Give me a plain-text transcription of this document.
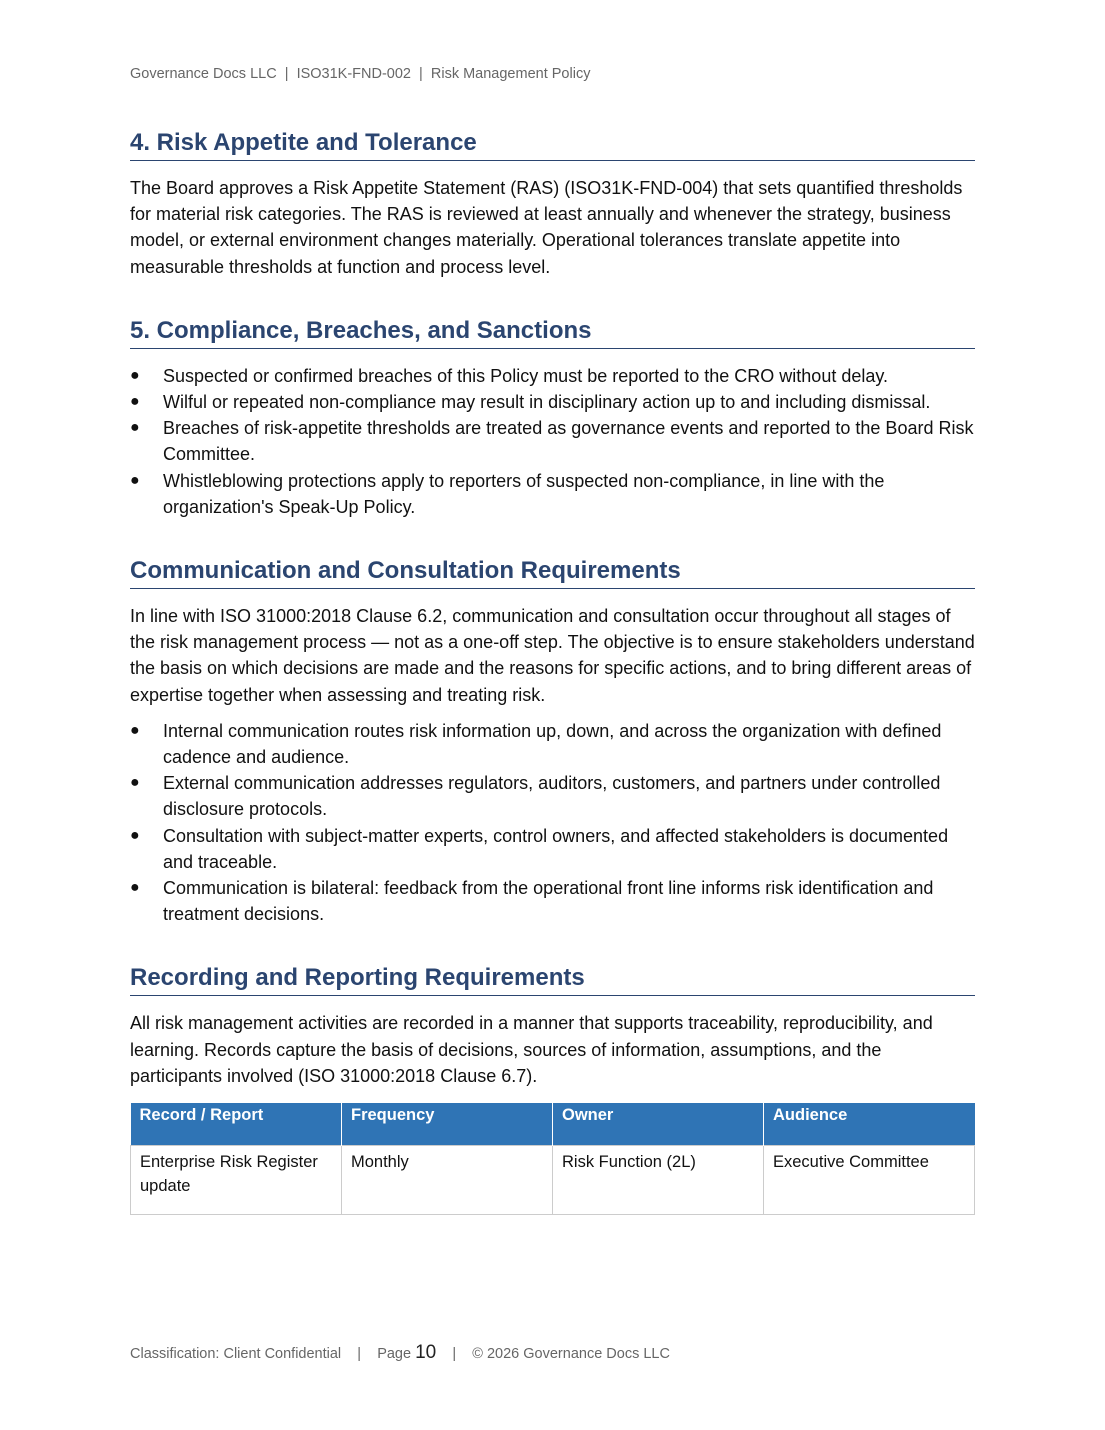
Governance Docs LLC  |  ISO31K-FND-002  |  Risk Management Policy
4. Risk Appetite and Tolerance

The Board approves a Risk Appetite Statement (RAS) (ISO31K-FND-004) that sets quantified thresholds for material risk categories. The RAS is reviewed at least annually and whenever the strategy, business model, or external environment changes materially. Operational tolerances translate appetite into measurable thresholds at function and process level.

5. Compliance, Breaches, and Sanctions
● Suspected or confirmed breaches of this Policy must be reported to the CRO without delay.
● Wilful or repeated non-compliance may result in disciplinary action up to and including dismissal.
● Breaches of risk-appetite thresholds are treated as governance events and reported to the Board Risk Committee.
● Whistleblowing protections apply to reporters of suspected non-compliance, in line with the organization's Speak-Up Policy.
Communication and Consultation Requirements

In line with ISO 31000:2018 Clause 6.2, communication and consultation occur throughout all stages of the risk management process — not as a one-off step. The objective is to ensure stakeholders understand the basis on which decisions are made and the reasons for specific actions, and to bring different areas of expertise together when assessing and treating risk.

● Internal communication routes risk information up, down, and across the organization with defined cadence and audience.
● External communication addresses regulators, auditors, customers, and partners under controlled disclosure protocols.
● Consultation with subject-matter experts, control owners, and affected stakeholders is documented and traceable.
● Communication is bilateral: feedback from the operational front line informs risk identification and treatment decisions.
Recording and Reporting Requirements

All risk management activities are recorded in a manner that supports traceability, reproducibility, and learning. Records capture the basis of decisions, sources of information, assumptions, and the participants involved (ISO 31000:2018 Clause 6.7).

Record / Report	Frequency	Owner	Audience
Enterprise Risk Register update	Monthly	Risk Function (2L)	Executive Committee
Classification: Client Confidential | Page 10 | © 2026 Governance Docs LLC
